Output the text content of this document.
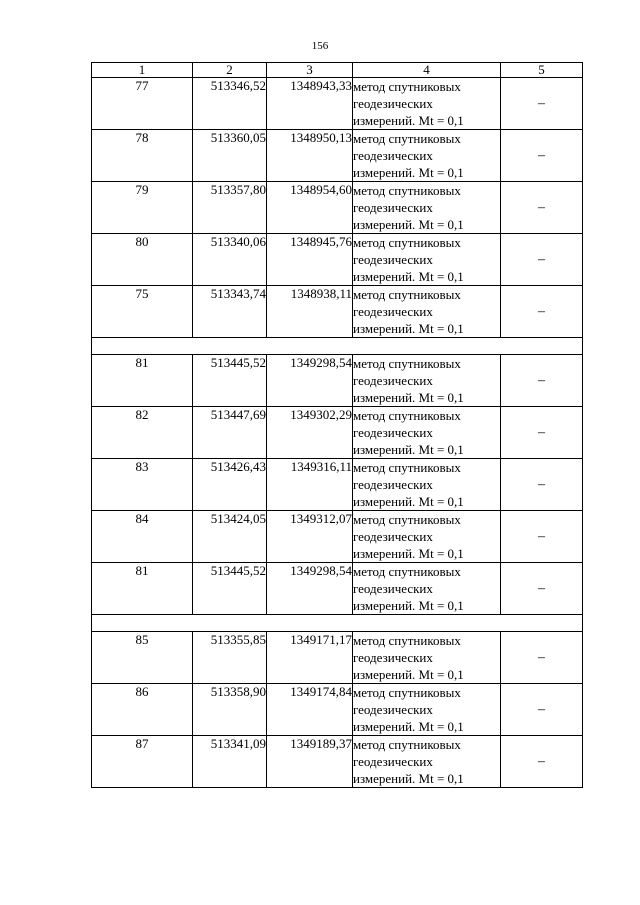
156
1	2	3	4	5
77	513346,52	1348943,33	метод спутниковых
геодезических
измерений. Mt = 0,1	–
78	513360,05	1348950,13	метод спутниковых
геодезических
измерений. Mt = 0,1	–
79	513357,80	1348954,60	метод спутниковых
геодезических
измерений. Mt = 0,1	–
80	513340,06	1348945,76	метод спутниковых
геодезических
измерений. Mt = 0,1	–
75	513343,74	1348938,11	метод спутниковых
геодезических
измерений. Mt = 0,1	–

81	513445,52	1349298,54	метод спутниковых
геодезических
измерений. Mt = 0,1	–
82	513447,69	1349302,29	метод спутниковых
геодезических
измерений. Mt = 0,1	–
83	513426,43	1349316,11	метод спутниковых
геодезических
измерений. Mt = 0,1	–
84	513424,05	1349312,07	метод спутниковых
геодезических
измерений. Mt = 0,1	–
81	513445,52	1349298,54	метод спутниковых
геодезических
измерений. Mt = 0,1	–

85	513355,85	1349171,17	метод спутниковых
геодезических
измерений. Mt = 0,1	–
86	513358,90	1349174,84	метод спутниковых
геодезических
измерений. Mt = 0,1	–
87	513341,09	1349189,37	метод спутниковых
геодезических
измерений. Mt = 0,1	–
